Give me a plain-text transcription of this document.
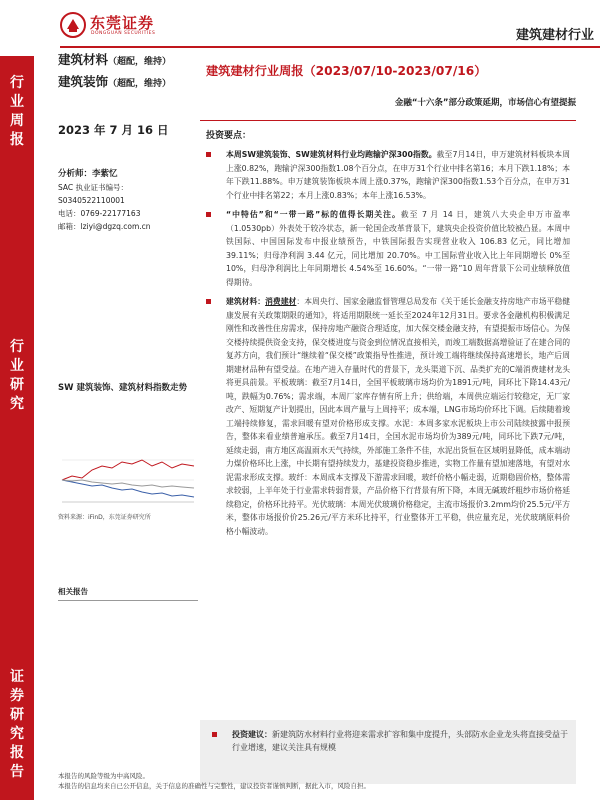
东莞证券
DONGGUAN SECURITIES	建筑建材行业
行
业
周
报
行
业
研
究
证
券
研
究
报
告
建筑材料（超配，维持）
建筑装饰（超配，维持）
建筑建材行业周报（2023/07/10-2023/07/16）
金融“十六条”部分政策延期，市场信心有望提振
2023 年 7 月 16 日	投资要点：
分析师：李紫忆
SAC 执业证书编号：
S0340522110001
电话：0769-22177163
邮箱：lziyi@dgzq.com.cn
SW 建筑装饰、建筑材料指数走势
资料来源：iFinD，东莞证券研究所
相关报告
本周SW建筑装饰、SW建筑材料行业均跑输沪深300指数。截至7月14日，申万建筑材料板块本周上涨0.82%，跑输沪深300指数1.08个百分点，在申万31个行业中排名第16；本月下跌1.18%；本年下跌11.88%。申万建筑装饰板块本周上涨0.37%，跑输沪深300指数1.53个百分点，在申万31个行业中排名第22；本月上涨0.83%；本年上涨16.53%。
“中特估”和“一带一路”标的值得长期关注。截至 7 月 14 日，建筑八大央企申万市盈率（1.0530pb）外表处于较冷状态，新一轮国企改革背景下，建筑央企投资价值比较被凸显。本周中铁国际、中国国际发布中报业绩预告，中铁国际报告实现营业收入 106.83 亿元，同比增加 39.11%；归母净利润 3.44 亿元，同比增加 20.70%。中工国际营业收入比上年同期增长 0%至 10%，归母净利润比上年同期增长 4.54%至 16.60%。“一带一路”10 周年背景下公司业绩释放值得期待。
建筑材料：消费建材：本周央行、国家金融监督管理总局发布《关于延长金融支持房地产市场平稳健康发展有关政策期限的通知》，将适用期限统一延长至2024年12月31日。要求各金融机构积极满足刚性和改善性住房需求，保持房地产融资合理适度，加大保交楼金融支持，有望提振市场信心。为保交楼持续提供资金支持，保交楼进度与资金到位情况直接相关，而竣工端数据高增验证了在建合同的复苏方向，我们预计“继续着“保交楼”政策指导性推进，预计竣工端将继续保持高速增长，地产后周期建材品种有望受益。在地产进入存量时代的背景下，龙头渠道下沉、品类扩充的C端消费建材龙头将更具前景。平板玻璃：截至7月14日，全国平板玻璃市场均价为1891元/吨，同环比下降14.43元/吨，跌幅为0.76%；需求端，本周厂家库存情有所上升；供给端，本周供应端运行较稳定，无厂家改产、短期复产计划提出，因此本周产量与上周持平；成本端，LNG市场均价环比下调。后续随着竣工端持续修复，需求回暖有望对价格形成支撑。水泥：本周多家水泥板块上市公司陆续披露中报预告，整体来看业绩普遍承压。截至7月14日，全国水泥市场均价为389元/吨，同环比下跌7元/吨，延续走弱，南方地区高温雨水天气持续，外部施工条件不佳，水泥出货恒在区域明显降低，成本端动力煤价格环比上涨，中长期有望持续发力，基建投资稳步推进，实物工作量有望加速落地，有望对水泥需求形成支撑。玻纤：本周成本支撑及下游需求回暖，玻纤价格小幅走弱，近期稳固价格，整体需求较弱，上半年处于行业需求转弱背景，产品价格下行背景有所下降，本周无碱玻纤粗纱市场价格延续稳定，价格环比持平。光伏玻璃：本周光伏玻璃价格稳定，主流市场报价3.2mm均价25.5元/平方米，整体市场报价价25.26元/平方米环比持平，行业整体开工平稳，供应量充足，光伏玻璃原料价格小幅波动。
投资建议：新建筑防水材料行业将迎来需求扩容和集中度提升，头部防水企业龙头将直接受益于行业增速，建议关注具有规模
本报告的风险等级为中高风险。
本报告的信息均来自已公开信息，关于信息的准确性与完整性，建议投资者谨慎判断，据此入市，风险自担。
